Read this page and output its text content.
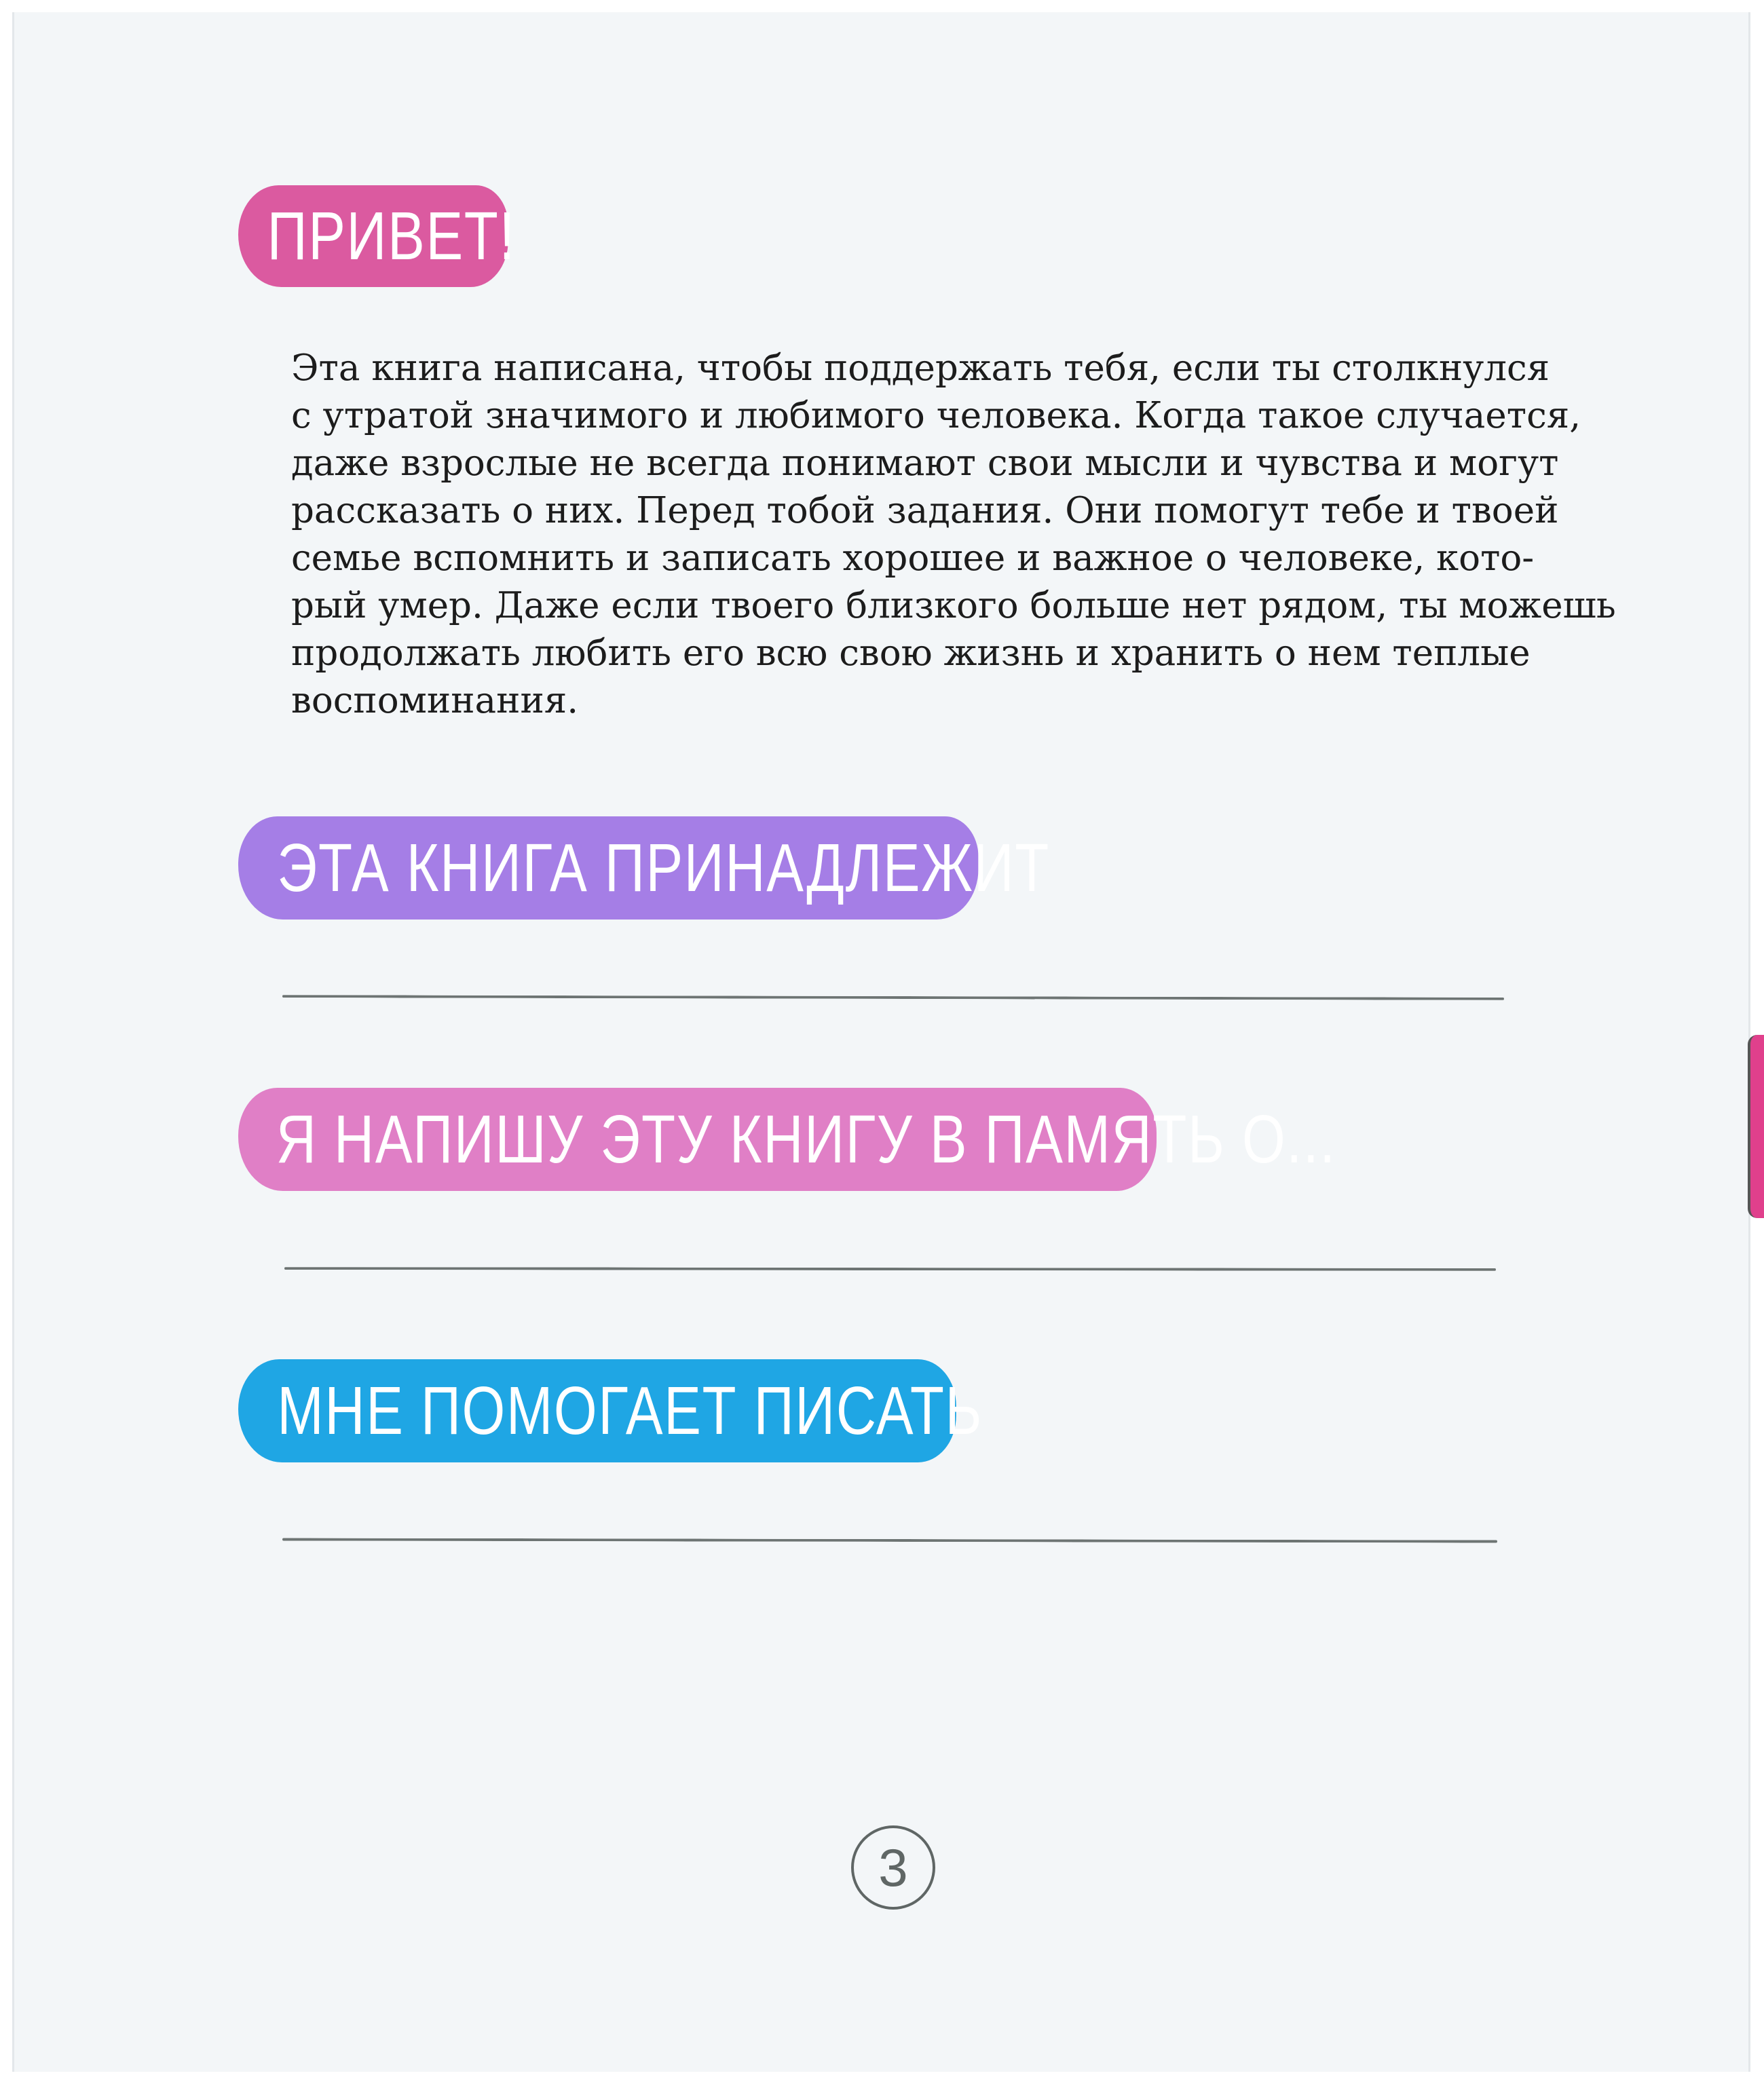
ПРИВЕТ!
Эта книга написана, чтобы поддержать тебя, если ты столкнулся
с утратой значимого и любимого человека. Когда такое случается,
даже взрослые не всегда понимают свои мысли и чувства и могут
рассказать о них. Перед тобой задания. Они помогут тебе и твоей
семье вспомнить и записать хорошее и важное о человеке, кото-
рый умер. Даже если твоего близкого больше нет рядом, ты можешь
продолжать любить его всю свою жизнь и хранить о нем теплые
воспоминания.
ЭТА КНИГА ПРИНАДЛЕЖИТ
Я НАПИШУ ЭТУ КНИГУ В ПАМЯТЬ О...
МНЕ ПОМОГАЕТ ПИСАТЬ
3
